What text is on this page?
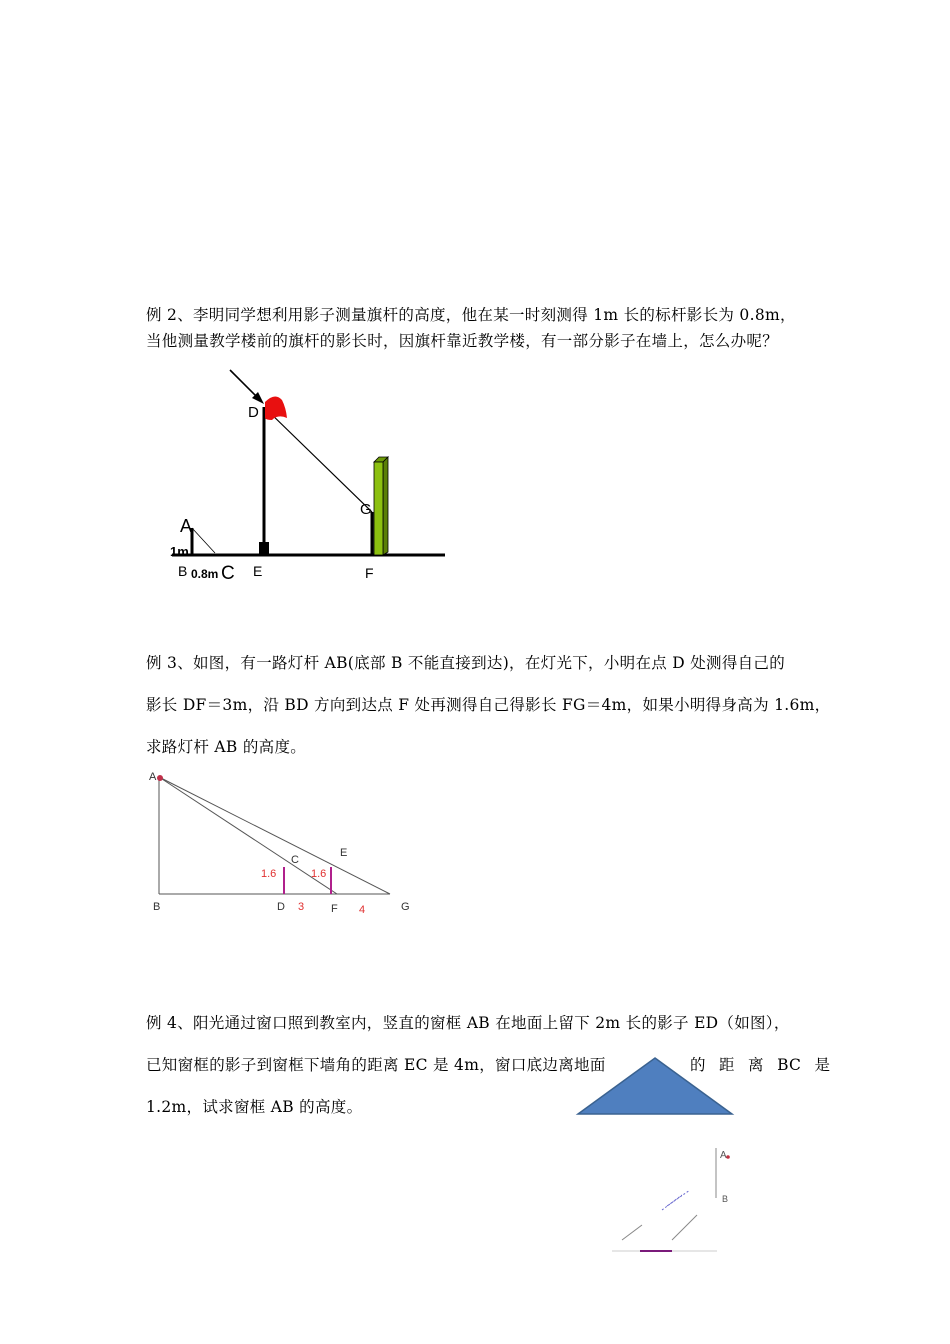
例 2、李明同学想利用影子测量旗杆的高度，他在某一时刻测得 1m 长的标杆影长为 0.8m，
当他测量教学楼前的旗杆的影长时，因旗杆靠近教学楼，有一部分影子在墙上，怎么办呢？
D
G
A
1m
B 0.8m C E	F
例 3、如图，有一路灯杆 AB(底部 B 不能直接到达)，在灯光下，小明在点 D 处测得自己的
影长 DF＝3m，沿 BD 方向到达点 F 处再测得自己得影长 FG＝4m，如果小明得身高为 1.6m，
求路灯杆 AB 的高度。
A
B
C
E
D	F	G
1.6	1.6
3	4
例 4、阳光通过窗口照到教室内，竖直的窗框 AB 在地面上留下 2m 长的影子 ED（如图），
已知窗框的影子到窗框下墙角的距离 EC 是 4m，窗口底边离地面	的 距 离 BC 是
1.2m，试求窗框 AB 的高度。
A
B
